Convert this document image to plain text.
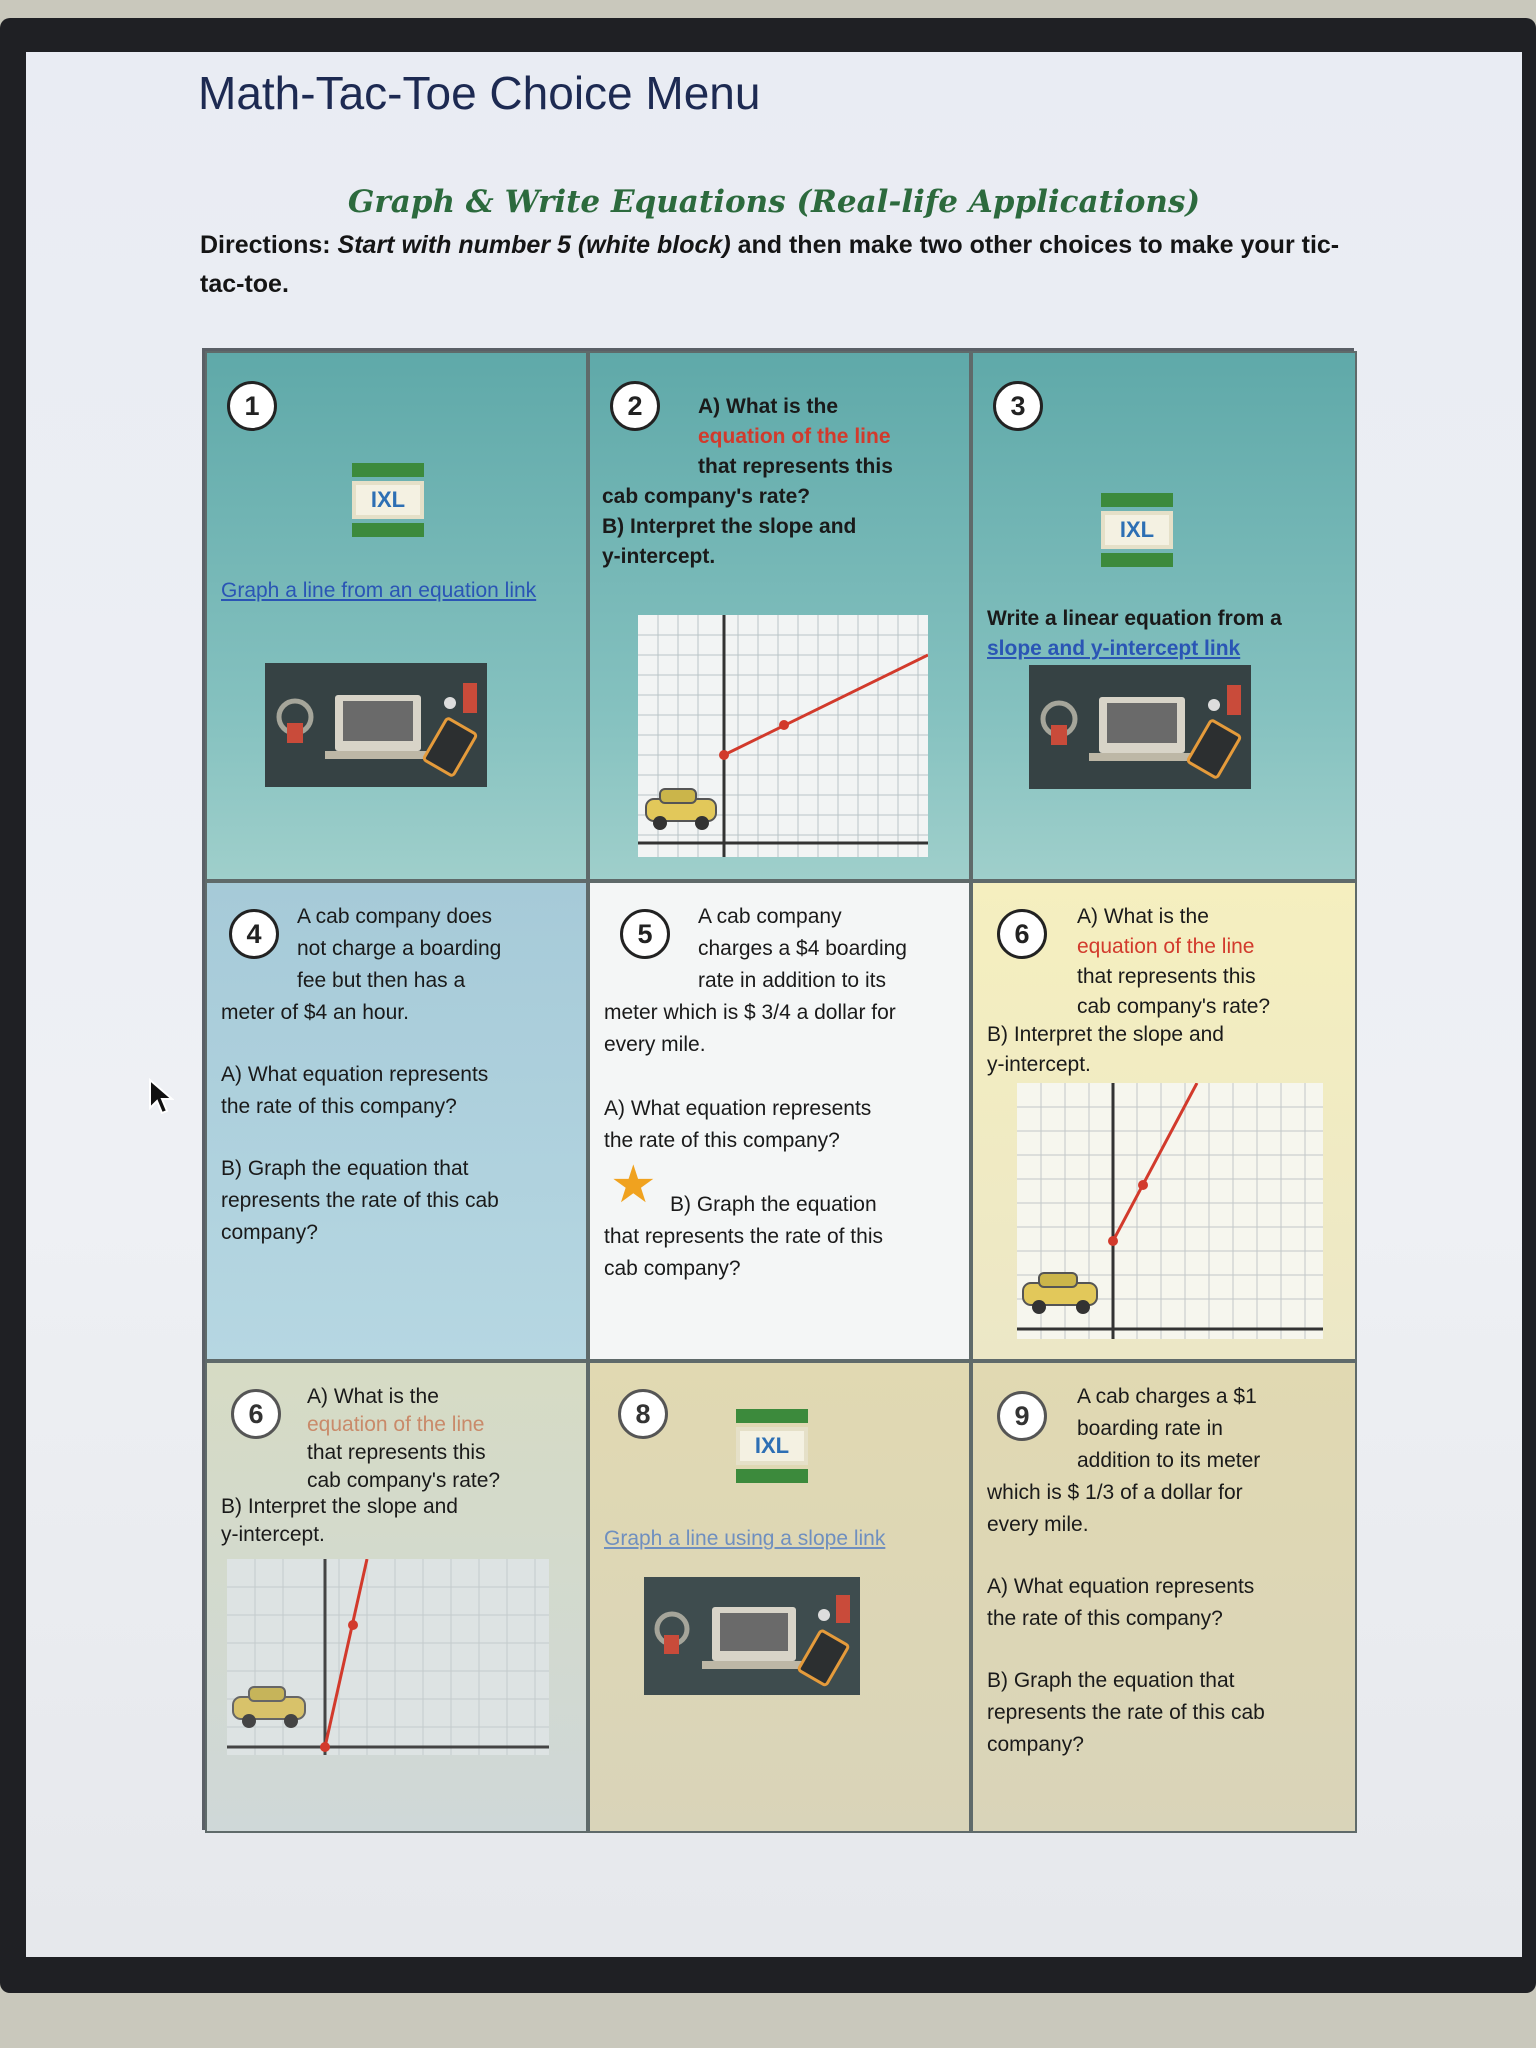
Math-Tac-Toe Choice Menu
Graph & Write Equations (Real-life Applications)
Directions: Start with number 5 (white block) and then make two other choices to make your tic-tac-toe.
1
IXL
Graph a line from an equation link
2	A) What is the
equation of the line
that represents this
cab company's rate?
B) Interpret the slope and
y-intercept.
3
IXL
Write a linear equation from a
slope and y-intercept link
4
A cab company does
not charge a boarding
fee but then has a
meter of $4 an hour.
A) What equation represents
the rate of this company?
B) Graph the equation that
represents the rate of this cab
company?
5
A cab company
charges a $4 boarding
rate in addition to its
meter which is $ 3/4 a dollar for
every mile.
A) What equation represents
the rate of this company?
★ B) Graph the equation
that represents the rate of this
cab company?
6
A) What is the
equation of the line
that represents this
cab company's rate?
B) Interpret the slope and
y-intercept.
6
A) What is the
equation of the line
that represents this
cab company's rate?
B) Interpret the slope and
y-intercept.
8
IXL
Graph a line using a slope link
9
A cab charges a $1
boarding rate in
addition to its meter
which is $ 1/3 of a dollar for
every mile.
A) What equation represents
the rate of this company?
B) Graph the equation that
represents the rate of this cab
company?
